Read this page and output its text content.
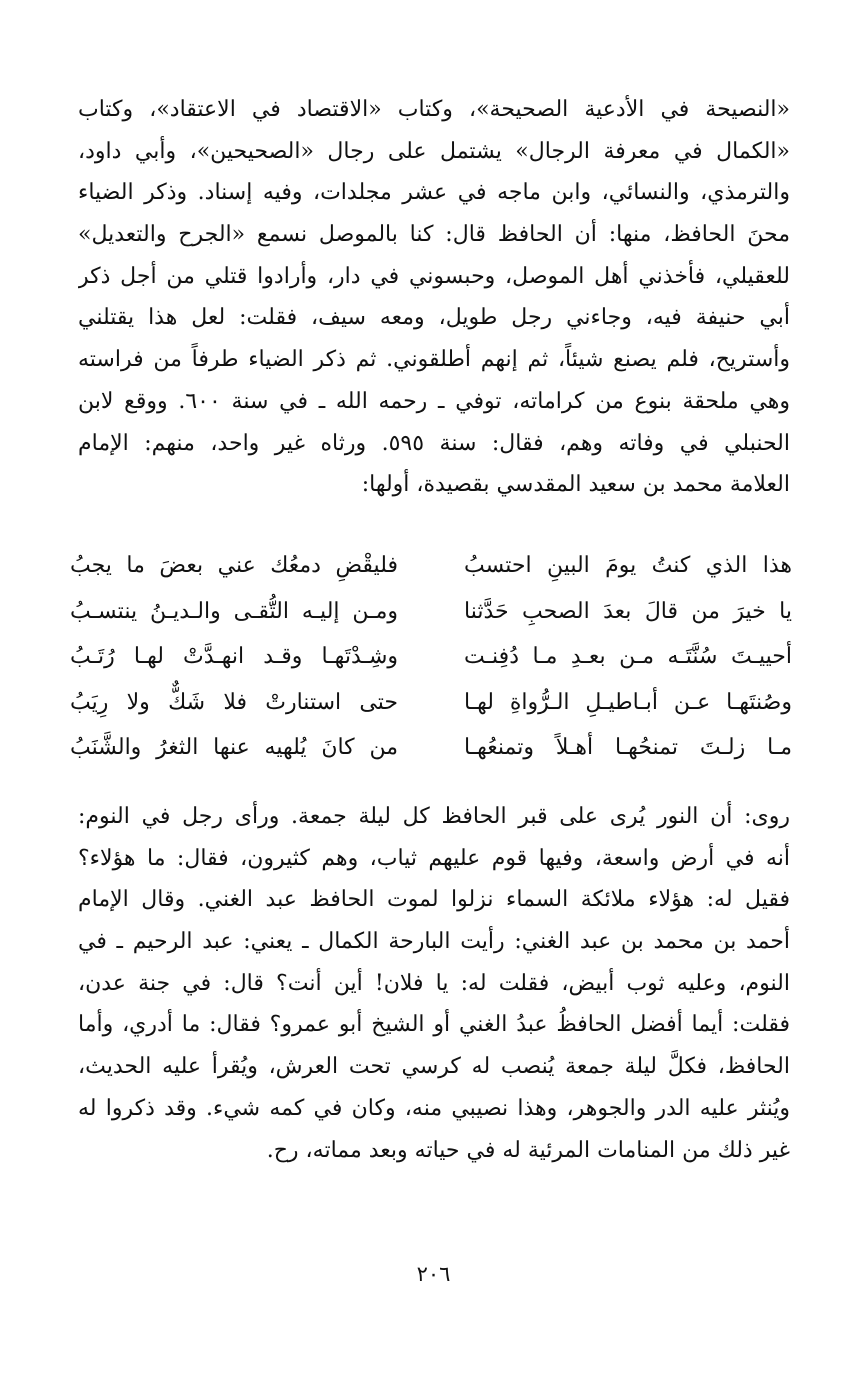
«النصيحة في الأدعية الصحيحة»، وكتاب «الاقتصاد في الاعتقاد»، وكتاب
«الكمال في معرفة الرجال» يشتمل على رجال «الصحيحين»، وأبي داود،
والترمذي، والنسائي، وابن ماجه في عشر مجلدات، وفيه إسناد. وذكر الضياء
محنَ الحافظ، منها: أن الحافظ قال: كنا بالموصل نسمع «الجرح والتعديل»
للعقيلي، فأخذني أهل الموصل، وحبسوني في دار، وأرادوا قتلي من أجل ذكر
أبي حنيفة فيه، وجاءني رجل طويل، ومعه سيف، فقلت: لعل هذا يقتلني
وأستريح، فلم يصنع شيئاً، ثم إنهم أطلقوني. ثم ذكر الضياء طرفاً من فراسته
وهي ملحقة بنوع من كراماته، توفي ـ رحمه الله ـ في سنة ٦٠٠. ووقع لابن
الحنبلي في وفاته وهم، فقال: سنة ٥٩٥. ورثاه غير واحد، منهم: الإمام
العلامة محمد بن سعيد المقدسي بقصيدة، أولها:
هذا الذي كنتُ يومَ البينِ احتسبُ
فليقْضِ دمعُك عني بعضَ ما يجبُ
يا خيرَ من قالَ بعدَ الصحبِ حَدَّثنا
ومـن إليـه التُّقـى والـديـنُ ينتسـبُ
أحييـتَ سُنَّتَـه مـن بعـدِ مـا دُفِنـت
وشِـدْتَهـا وقـد انهـدَّتْ لهـا رُتَـبُ
وصُنتَهـا عـن أبـاطيـلِ الـرُّواةِ لهـا
حتى استنارتْ فلا شَكٌّ ولا رِيَبُ
مـا زلـتَ تمنحُهـا أهـلاً وتمنعُهـا
من كانَ يُلهيه عنها الثغرُ والشَّنَبُ
روى: أن النور يُرى على قبر الحافظ كل ليلة جمعة. ورأى رجل في النوم:
أنه في أرض واسعة، وفيها قوم عليهم ثياب، وهم كثيرون، فقال: ما هؤلاء؟
فقيل له: هؤلاء ملائكة السماء نزلوا لموت الحافظ عبد الغني. وقال الإمام
أحمد بن محمد بن عبد الغني: رأيت البارحة الكمال ـ يعني: عبد الرحيم ـ في
النوم، وعليه ثوب أبيض، فقلت له: يا فلان! أين أنت؟ قال: في جنة عدن،
فقلت: أيما أفضل الحافظُ عبدُ الغني أو الشيخ أبو عمرو؟ فقال: ما أدري، وأما
الحافظ، فكلَّ ليلة جمعة يُنصب له كرسي تحت العرش، ويُقرأ عليه الحديث،
ويُنثر عليه الدر والجوهر، وهذا نصيبي منه، وكان في كمه شيء. وقد ذكروا له
غير ذلك من المنامات المرئية له في حياته وبعد مماته، رح.
٢٠٦
